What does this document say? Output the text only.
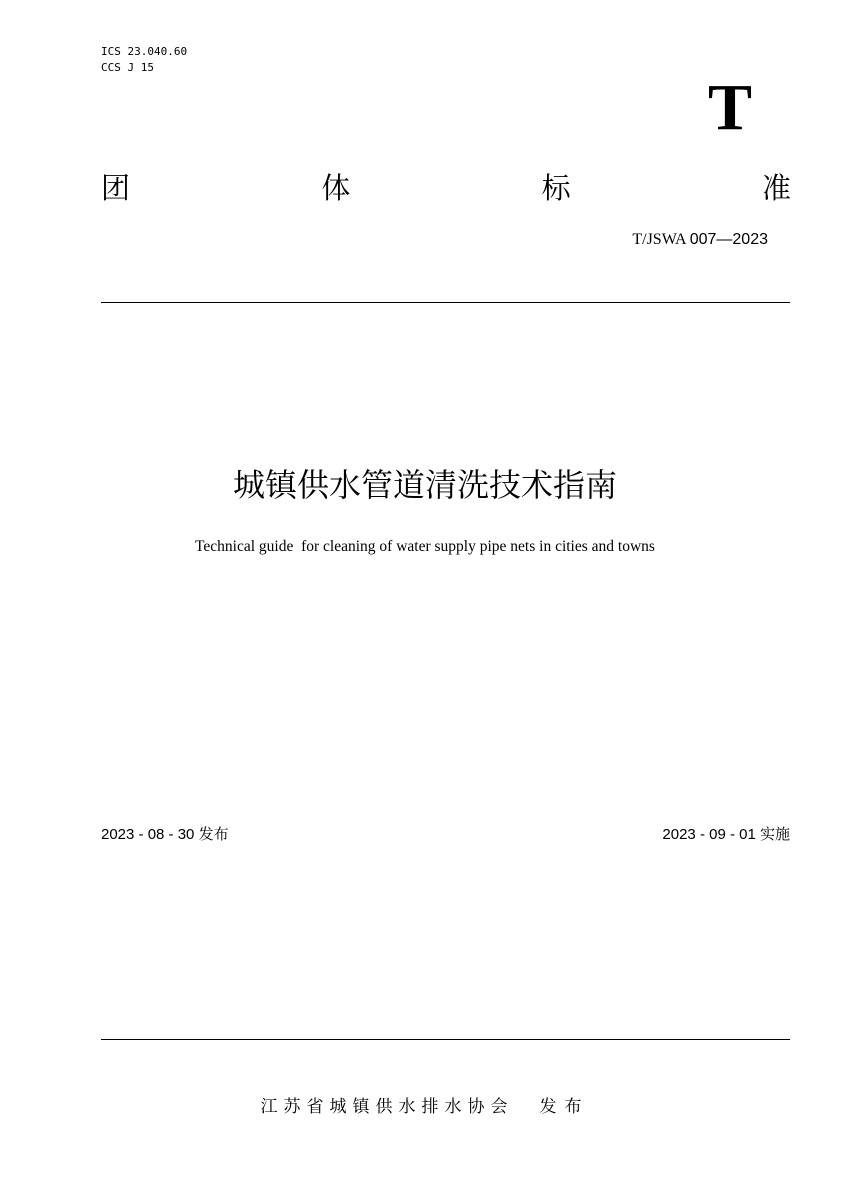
ICS 23.040.60
CCS J 15
T
团	体	标	准
T/JSWA 007—2023
城镇供水管道清洗技术指南
Technical guide  for cleaning of water supply pipe nets in cities and towns
2023 - 08 - 30 发布	2023 - 09 - 01 实施
江苏省城镇供水排水协会 发布
